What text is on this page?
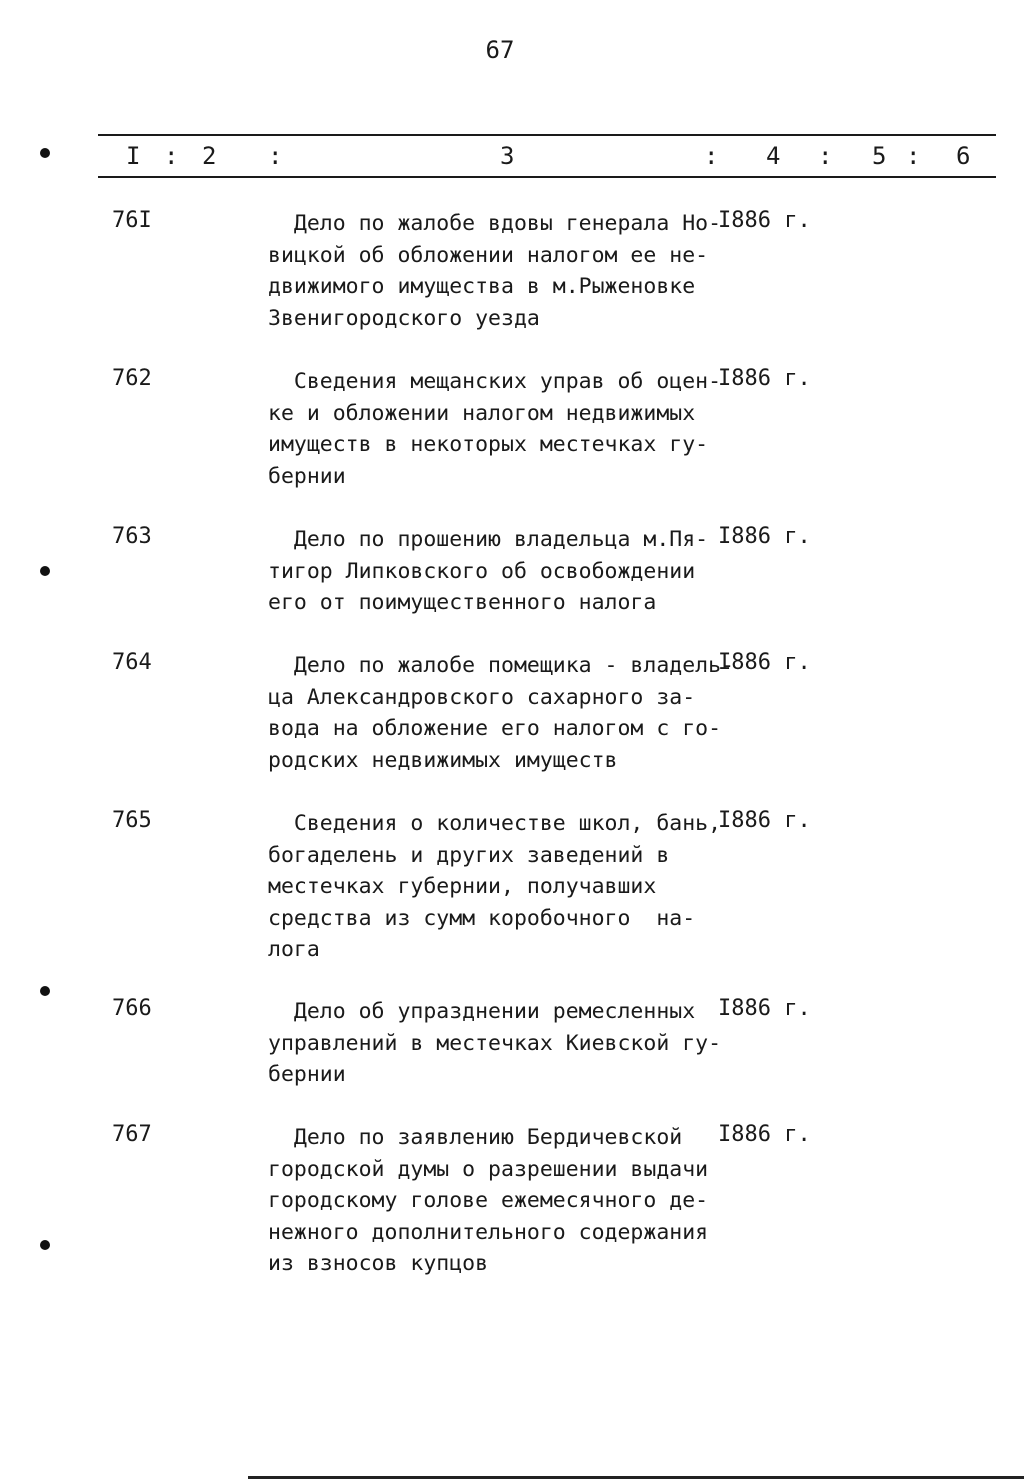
67
I : 2 :	3	: 4 : 5 : 6
76I	Дело по жалобе вдовы генерала Но-
вицкой об обложении налогом ее не-
движимого имущества в м.Рыженовке
Звенигородского уезда
I886 г.
762	Сведения мещанских управ об оцен-
ке и обложении налогом недвижимых
имуществ в некоторых местечках гу-
бернии
I886 г.
763	Дело по прошению владельца м.Пя-
тигор Липковского об освобождении
его от поимущественного налога
I886 г.
764	Дело по жалобе помещика - владель-
ца Александровского сахарного за-
вода на обложение его налогом с го-
родских недвижимых имуществ
I886 г.
765	Сведения о количестве школ, бань,
богаделень и других заведений в
местечках губернии, получавших
средства из сумм коробочного  на-
лога
I886 г.
766	Дело об упразднении ремесленных
управлений в местечках Киевской гу-
бернии
I886 г.
767	Дело по заявлению Бердичевской
городской думы о разрешении выдачи
городскому голове ежемесячного де-
нежного дополнительного содержания
из взносов купцов
I886 г.
